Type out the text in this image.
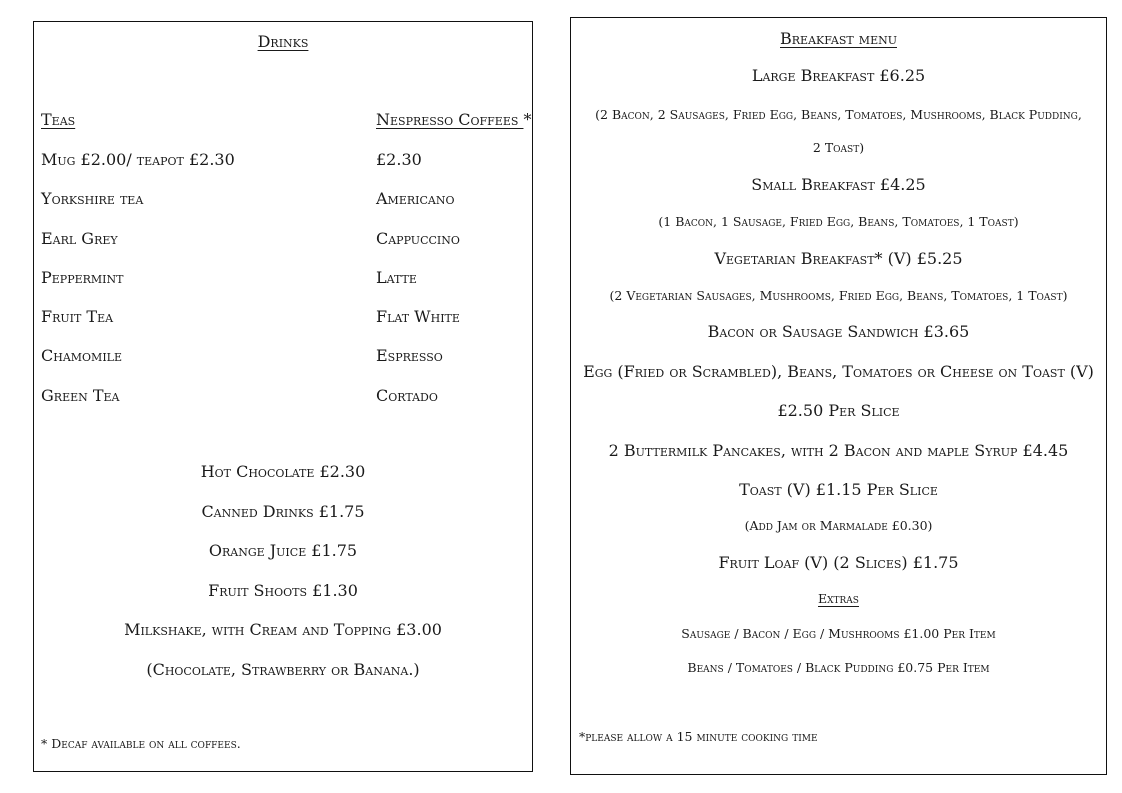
Drinks
Teas
Mug £2.00/ teapot £2.30
Yorkshire tea
Earl Grey
Peppermint
Fruit Tea
Chamomile
Green Tea
Nespresso Coffees *
£2.30
Americano
Cappuccino
Latte
Flat White
Espresso
Cortado
Hot Chocolate £2.30
Canned Drinks £1.75
Orange Juice £1.75
Fruit Shoots £1.30
Milkshake, with Cream and Topping £3.00
(Chocolate, Strawberry or Banana.)
* Decaf available on all coffees.
Breakfast menu
Large Breakfast £6.25
(2 Bacon, 2 Sausages, Fried Egg, Beans, Tomatoes, Mushrooms, Black Pudding,
2 Toast)
Small Breakfast £4.25
(1 Bacon, 1 Sausage, Fried Egg, Beans, Tomatoes, 1 Toast)
Vegetarian Breakfast* (V) £5.25
(2 Vegetarian Sausages, Mushrooms, Fried Egg, Beans, Tomatoes, 1 Toast)
Bacon or Sausage Sandwich £3.65
Egg (Fried or Scrambled), Beans, Tomatoes or Cheese on Toast (V)
£2.50 Per Slice
2 Buttermilk Pancakes, with 2 Bacon and maple Syrup £4.45
Toast (V) £1.15 Per Slice
(Add Jam or Marmalade £0.30)
Fruit Loaf (V) (2 Slices) £1.75
Extras
Sausage / Bacon / Egg / Mushrooms £1.00 Per Item
Beans / Tomatoes / Black Pudding £0.75 Per Item
*please allow a 15 minute cooking time
